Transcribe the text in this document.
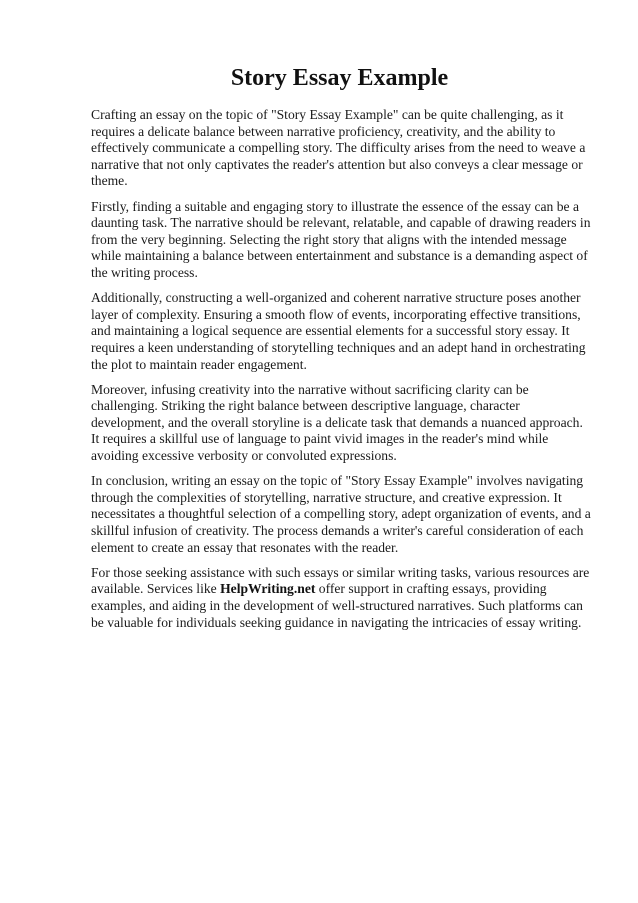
Story Essay Example

Crafting an essay on the topic of "Story Essay Example" can be quite challenging, as it requires a delicate balance between narrative proficiency, creativity, and the ability to effectively communicate a compelling story. The difficulty arises from the need to weave a narrative that not only captivates the reader's attention but also conveys a clear message or theme.

Firstly, finding a suitable and engaging story to illustrate the essence of the essay can be a daunting task. The narrative should be relevant, relatable, and capable of drawing readers in from the very beginning. Selecting the right story that aligns with the intended message while maintaining a balance between entertainment and substance is a demanding aspect of the writing process.

Additionally, constructing a well-organized and coherent narrative structure poses another layer of complexity. Ensuring a smooth flow of events, incorporating effective transitions, and maintaining a logical sequence are essential elements for a successful story essay. It requires a keen understanding of storytelling techniques and an adept hand in orchestrating the plot to maintain reader engagement.

Moreover, infusing creativity into the narrative without sacrificing clarity can be challenging. Striking the right balance between descriptive language, character development, and the overall storyline is a delicate task that demands a nuanced approach. It requires a skillful use of language to paint vivid images in the reader's mind while avoiding excessive verbosity or convoluted expressions.

In conclusion, writing an essay on the topic of "Story Essay Example" involves navigating through the complexities of storytelling, narrative structure, and creative expression. It necessitates a thoughtful selection of a compelling story, adept organization of events, and a skillful infusion of creativity. The process demands a writer's careful consideration of each element to create an essay that resonates with the reader.

For those seeking assistance with such essays or similar writing tasks, various resources are available. Services like HelpWriting.net offer support in crafting essays, providing examples, and aiding in the development of well-structured narratives. Such platforms can be valuable for individuals seeking guidance in navigating the intricacies of essay writing.
